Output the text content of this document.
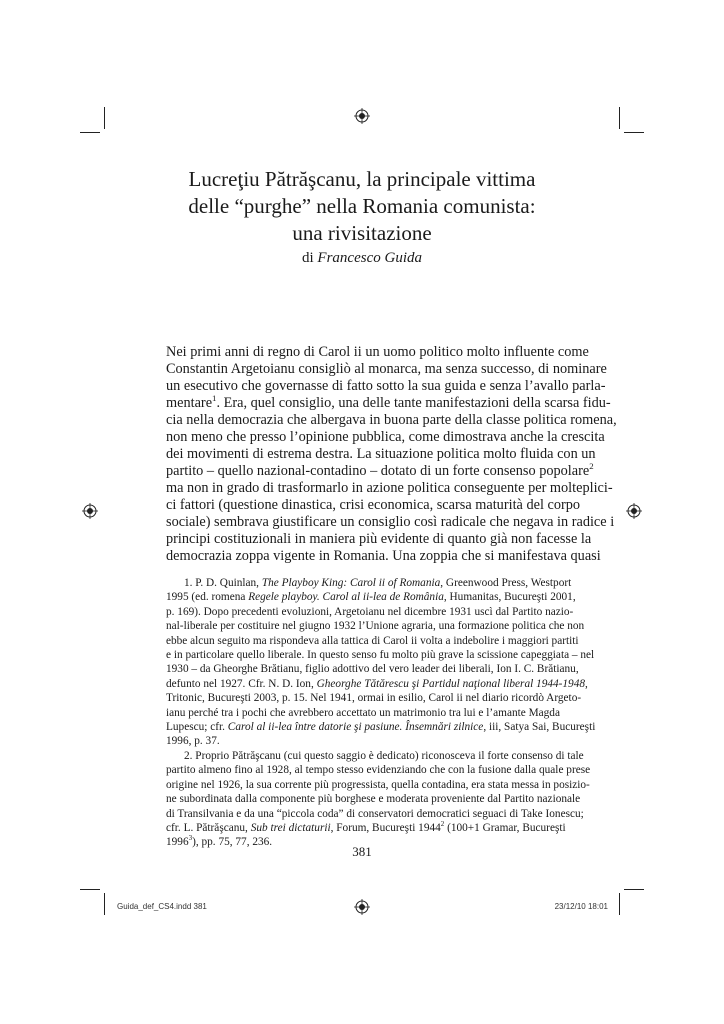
Lucreţiu Pătrăşcanu, la principale vittima
delle “purghe” nella Romania comunista:
una rivisitazione
di Francesco Guida
Nei primi anni di regno di Carol ii un uomo politico molto influente come
Constantin Argetoianu consigliò al monarca, ma senza successo, di nominare
un esecutivo che governasse di fatto sotto la sua guida e senza l’avallo parla-
mentare$^1$. Era, quel consiglio, una delle tante manifestazioni della scarsa fidu-
cia nella democrazia che albergava in buona parte della classe politica romena,
non meno che presso l’opinione pubblica, come dimostrava anche la crescita
dei movimenti di estrema destra. La situazione politica molto fluida con un
partito – quello nazional-contadino – dotato di un forte consenso popolare$^2$
ma non in grado di trasformarlo in azione politica conseguente per molteplici-
ci fattori (questione dinastica, crisi economica, scarsa maturità del corpo
sociale) sembrava giustificare un consiglio così radicale che negava in radice i
principi costituzionali in maniera più evidente di quanto già non facesse la
democrazia zoppa vigente in Romania. Una zoppia che si manifestava quasi
1. P. D. Quinlan, The Playboy King: Carol ii of Romania, Greenwood Press, Westport
1995 (ed. romena Regele playboy. Carol al ii-lea de România, Humanitas, Bucureşti 2001,
p. 169). Dopo precedenti evoluzioni, Argetoianu nel dicembre 1931 uscì dal Partito nazio-
nal-liberale per costituire nel giugno 1932 l’Unione agraria, una formazione politica che non
ebbe alcun seguito ma rispondeva alla tattica di Carol ii volta a indebolire i maggiori partiti
e in particolare quello liberale. In questo senso fu molto più grave la scissione capeggiata – nel
1930 – da Gheorghe Brătianu, figlio adottivo del vero leader dei liberali, Ion I. C. Brătianu,
defunto nel 1927. Cfr. N. D. Ion, Gheorghe Tătărescu şi Partidul naţional liberal 1944-1948,
Tritonic, Bucureşti 2003, p. 15. Nel 1941, ormai in esilio, Carol ii nel diario ricordò Argeto-
ianu perché tra i pochi che avrebbero accettato un matrimonio tra lui e l’amante Magda
Lupescu; cfr. Carol al ii-lea între datorie şi pasiune. Însemnări zilnice, iii, Satya Sai, Bucureşti
1996, p. 37.
2. Proprio Pătrăşcanu (cui questo saggio è dedicato) riconosceva il forte consenso di tale
partito almeno fino al 1928, al tempo stesso evidenziando che con la fusione dalla quale prese
origine nel 1926, la sua corrente più progressista, quella contadina, era stata messa in posizio-
ne subordinata dalla componente più borghese e moderata proveniente dal Partito nazionale
di Transilvania e da una “piccola coda” di conservatori democratici seguaci di Take Ionescu;
cfr. L. Pătrăşcanu, Sub trei dictaturii, Forum, Bucureşti 1944$^2$ (100+1 Gramar, Bucureşti
1996$^3$), pp. 75, 77, 236.
381
Guida_def_CS4.indd 381	23/12/10 18:01
